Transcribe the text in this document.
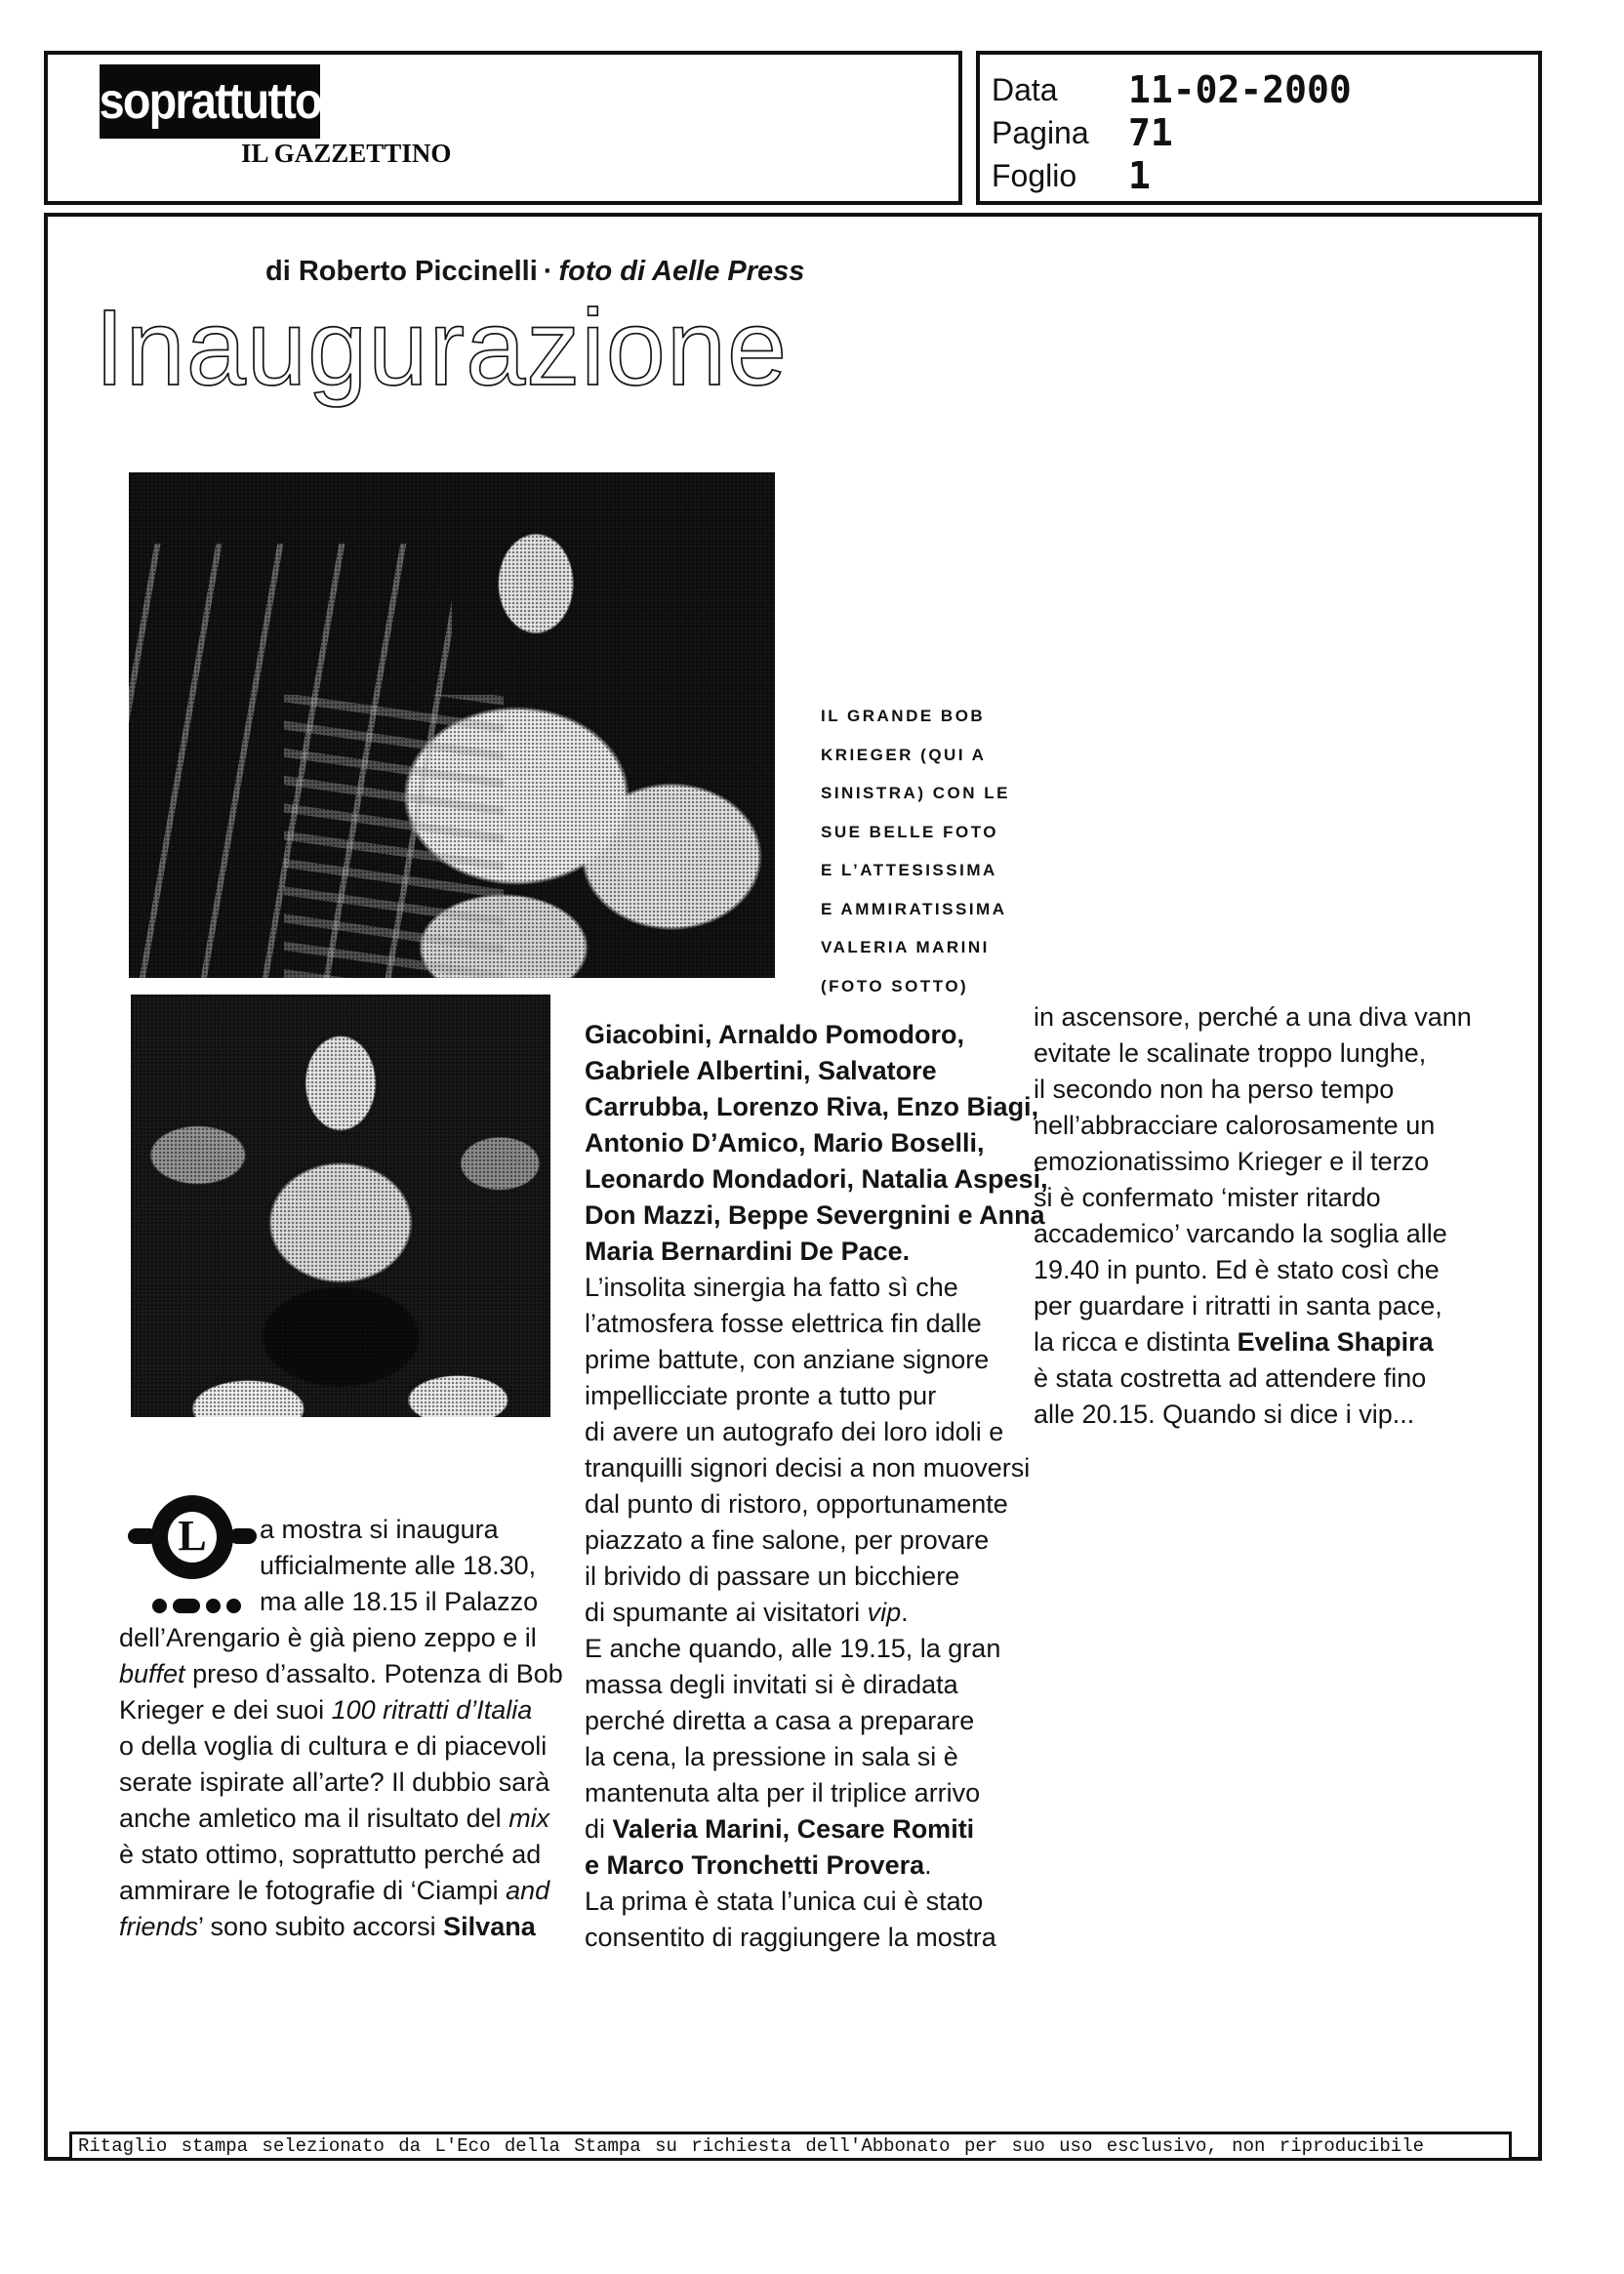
soprattutto
IL GAZZETTINO
Data	11-02-2000
Pagina	71
Foglio	1
di Roberto Piccinelli · foto di Aelle Press
Inaugurazione
IL GRANDE BOB
KRIEGER (QUI A
SINISTRA) CON LE
SUE BELLE FOTO
E L’ATTESISSIMA
E AMMIRATISSIMA
VALERIA MARINI
(FOTO SOTTO)
L a mostra si inaugura
ufficialmente alle 18.30,
ma alle 18.15 il Palazzo
dell’Arengario è già pieno zeppo e il
buffet preso d’assalto. Potenza di Bob
Krieger e dei suoi 100 ritratti d’Italia
o della voglia di cultura e di piacevoli
serate ispirate all’arte? Il dubbio sarà
anche amletico ma il risultato del mix
è stato ottimo, soprattutto perché ad
ammirare le fotografie di ‘Ciampi and
friends’ sono subito accorsi Silvana
Giacobini, Arnaldo Pomodoro,
Gabriele Albertini, Salvatore
Carrubba, Lorenzo Riva, Enzo Biagi,
Antonio D’Amico, Mario Boselli,
Leonardo Mondadori, Natalia Aspesi,
Don Mazzi, Beppe Severgnini e Anna
Maria Bernardini De Pace.
L’insolita sinergia ha fatto sì che
l’atmosfera fosse elettrica fin dalle
prime battute, con anziane signore
impellicciate pronte a tutto pur
di avere un autografo dei loro idoli e
tranquilli signori decisi a non muoversi
dal punto di ristoro, opportunamente
piazzato a fine salone, per provare
il brivido di passare un bicchiere
di spumante ai visitatori vip.
E anche quando, alle 19.15, la gran
massa degli invitati si è diradata
perché diretta a casa a preparare
la cena, la pressione in sala si è
mantenuta alta per il triplice arrivo
di Valeria Marini, Cesare Romiti
e Marco Tronchetti Provera.
La prima è stata l’unica cui è stato
consentito di raggiungere la mostra
in ascensore, perché a una diva vann
evitate le scalinate troppo lunghe,
il secondo non ha perso tempo
nell’abbracciare calorosamente un
emozionatissimo Krieger e il terzo
si è confermato ‘mister ritardo
accademico’ varcando la soglia alle
19.40 in punto. Ed è stato così che
per guardare i ritratti in santa pace,
la ricca e distinta Evelina Shapira
è stata costretta ad attendere fino
alle 20.15. Quando si dice i vip...
Ritaglio stampa selezionato da L'Eco della Stampa su richiesta dell'Abbonato per suo uso esclusivo, non riproducibile
